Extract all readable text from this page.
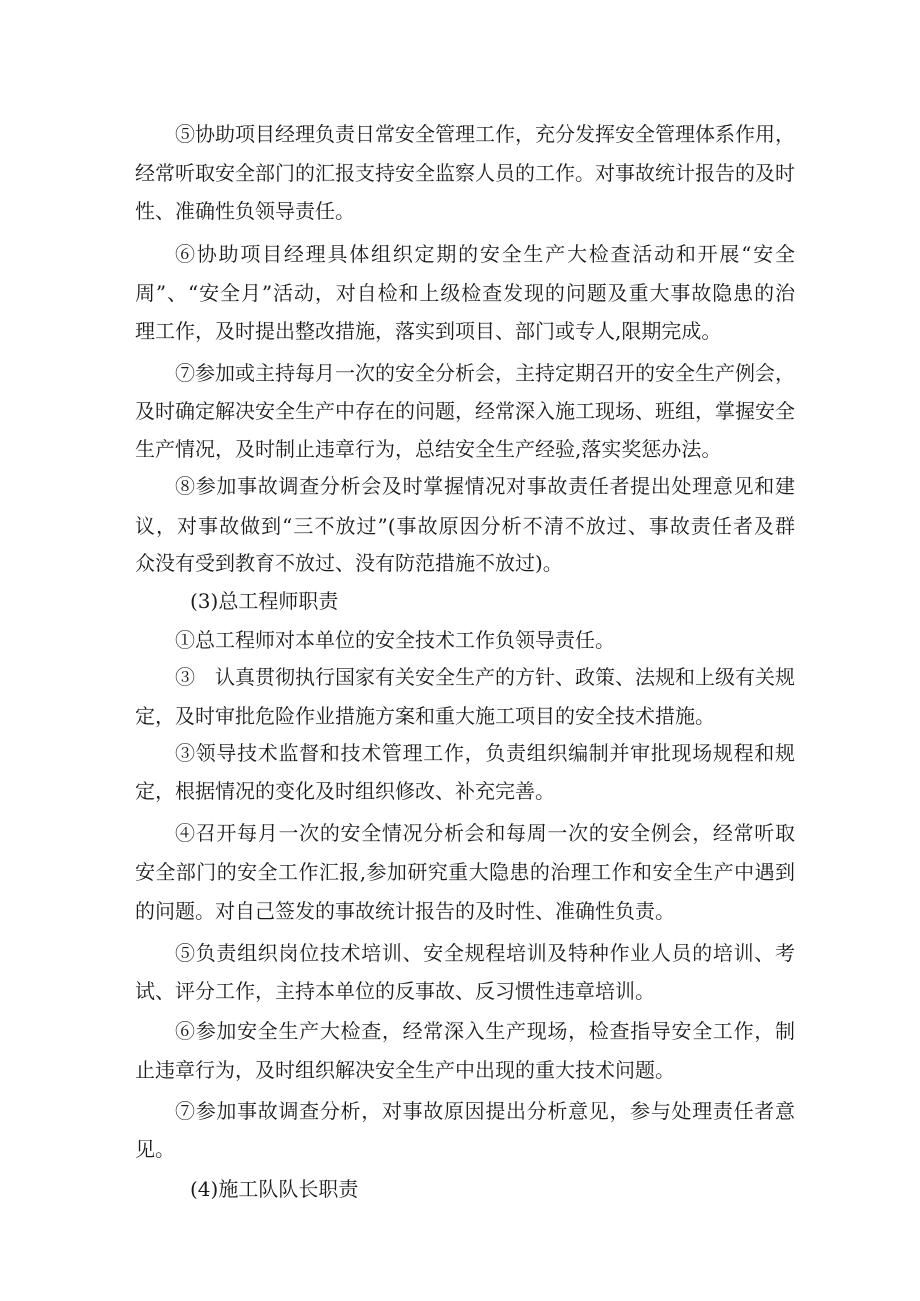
⑤协助项目经理负责日常安全管理工作，充分发挥安全管理体系作用，
经常听取安全部门的汇报支持安全监察人员的工作。对事故统计报告的及时
性、准确性负领导责任。
⑥协助项目经理具体组织定期的安全生产大检查活动和开展“安全
周”、“安全月”活动，对自检和上级检查发现的问题及重大事故隐患的治
理工作，及时提出整改措施，落实到项目、部门或专人,限期完成。
⑦参加或主持每月一次的安全分析会，主持定期召开的安全生产例会，
及时确定解决安全生产中存在的问题，经常深入施工现场、班组，掌握安全
生产情况，及时制止违章行为，总结安全生产经验,落实奖惩办法。
⑧参加事故调查分析会及时掌握情况对事故责任者提出处理意见和建
议，对事故做到“三不放过”(事故原因分析不清不放过、事故责任者及群
众没有受到教育不放过、没有防范措施不放过)。
(3)总工程师职责
①总工程师对本单位的安全技术工作负领导责任。
③　认真贯彻执行国家有关安全生产的方针、政策、法规和上级有关规
定，及时审批危险作业措施方案和重大施工项目的安全技术措施。
③领导技术监督和技术管理工作，负责组织编制并审批现场规程和规
定，根据情况的变化及时组织修改、补充完善。
④召开每月一次的安全情况分析会和每周一次的安全例会，经常听取
安全部门的安全工作汇报,参加研究重大隐患的治理工作和安全生产中遇到
的问题。对自己签发的事故统计报告的及时性、准确性负责。
⑤负责组织岗位技术培训、安全规程培训及特种作业人员的培训、考
试、评分工作，主持本单位的反事故、反习惯性违章培训。
⑥参加安全生产大检查，经常深入生产现场，检查指导安全工作，制
止违章行为，及时组织解决安全生产中出现的重大技术问题。
⑦参加事故调查分析，对事故原因提出分析意见，参与处理责任者意
见。
(4)施工队队长职责
